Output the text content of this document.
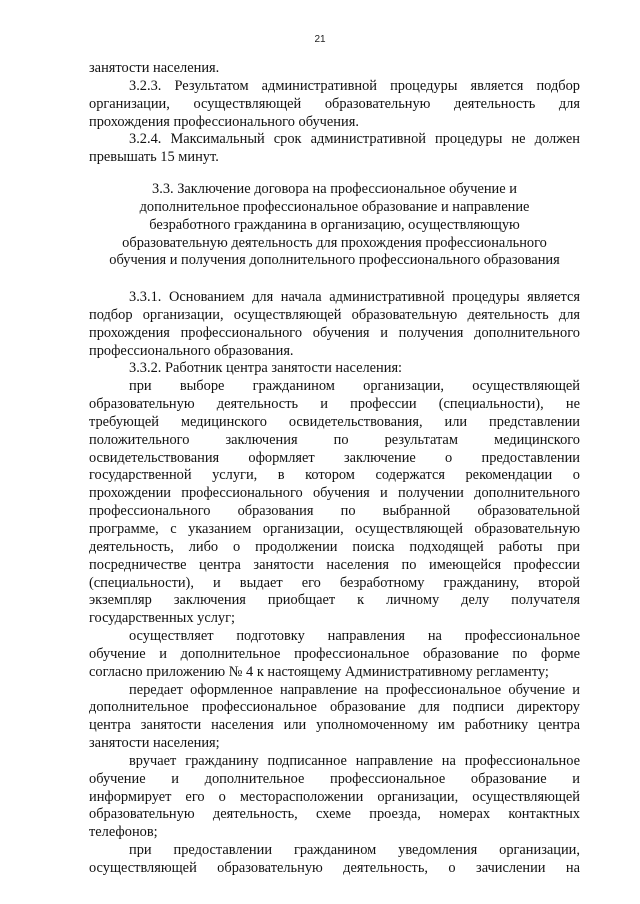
21
занятости населения.
3.2.3. Результатом административной процедуры является подбор
организации, осуществляющей образовательную деятельность для
прохождения профессионального обучения.
3.2.4. Максимальный срок административной процедуры не должен
превышать 15 минут.
3.3. Заключение договора на профессиональное обучение и
дополнительное профессиональное образование и направление
безработного гражданина в организацию, осуществляющую
образовательную деятельность для прохождения профессионального
обучения и получения дополнительного профессионального образования
3.3.1. Основанием для начала административной процедуры является
подбор организации, осуществляющей образовательную деятельность для
прохождения профессионального обучения и получения дополнительного
профессионального образования.
3.3.2. Работник центра занятости населения:
при выборе гражданином организации, осуществляющей
образовательную деятельность и профессии (специальности), не
требующей медицинского освидетельствования, или представлении
положительного заключения по результатам медицинского
освидетельствования оформляет заключение о предоставлении
государственной услуги, в котором содержатся рекомендации о
прохождении профессионального обучения и получении дополнительного
профессионального образования по выбранной образовательной
программе, с указанием организации, осуществляющей образовательную
деятельность, либо о продолжении поиска подходящей работы при
посредничестве центра занятости населения по имеющейся профессии
(специальности), и выдает его безработному гражданину, второй
экземпляр заключения приобщает к личному делу получателя
государственных услуг;
осуществляет подготовку направления на профессиональное
обучение и дополнительное профессиональное образование по форме
согласно приложению № 4 к настоящему Административному регламенту;
передает оформленное направление на профессиональное обучение и
дополнительное профессиональное образование для подписи директору
центра занятости населения или уполномоченному им работнику центра
занятости населения;
вручает гражданину подписанное направление на профессиональное
обучение и дополнительное профессиональное образование и
информирует его о месторасположении организации, осуществляющей
образовательную деятельность, схеме проезда, номерах контактных
телефонов;
при предоставлении гражданином уведомления организации,
осуществляющей образовательную деятельность, о зачислении на
